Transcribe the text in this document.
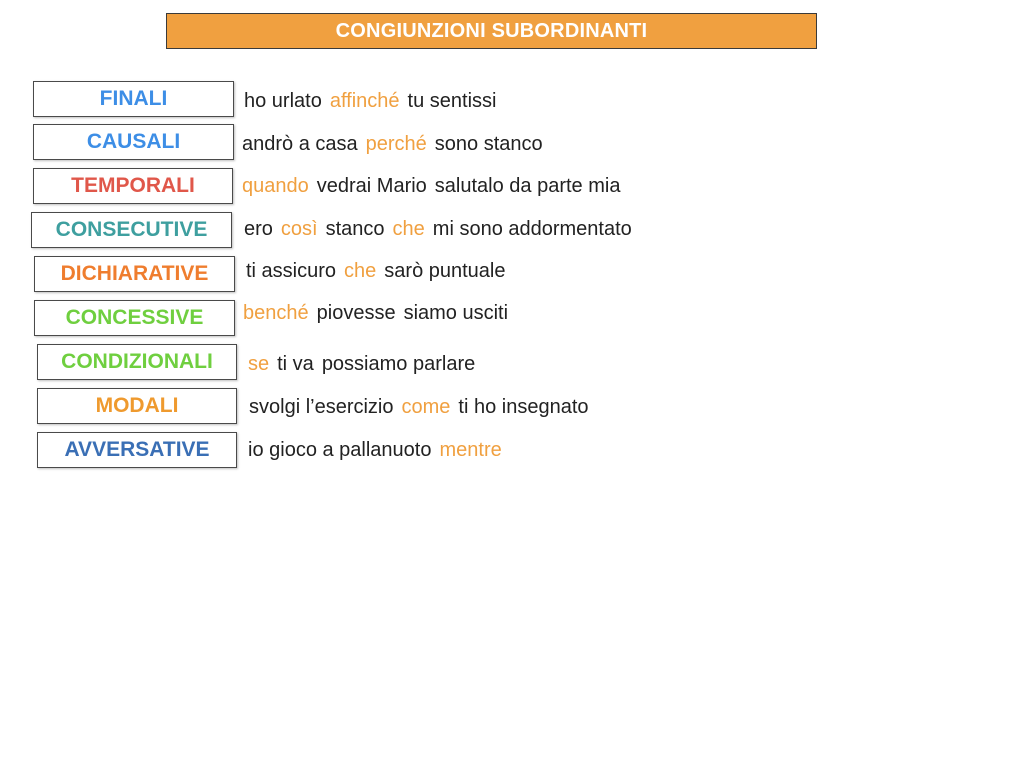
CONGIUNZIONI SUBORDINANTI
FINALI	ho urlato affinché tu sentissi
CAUSALI	andrò a casa perché sono stanco
TEMPORALI	quando vedrai Mario salutalo da parte mia
CONSECUTIVE	ero così stanco che mi sono addormentato
DICHIARATIVE	ti assicuro che sarò puntuale
CONCESSIVE	benché piovesse siamo usciti
CONDIZIONALI	se ti va possiamo parlare
MODALI	svolgi l’esercizio come ti ho insegnato
AVVERSATIVE	io gioco a pallanuoto mentre
